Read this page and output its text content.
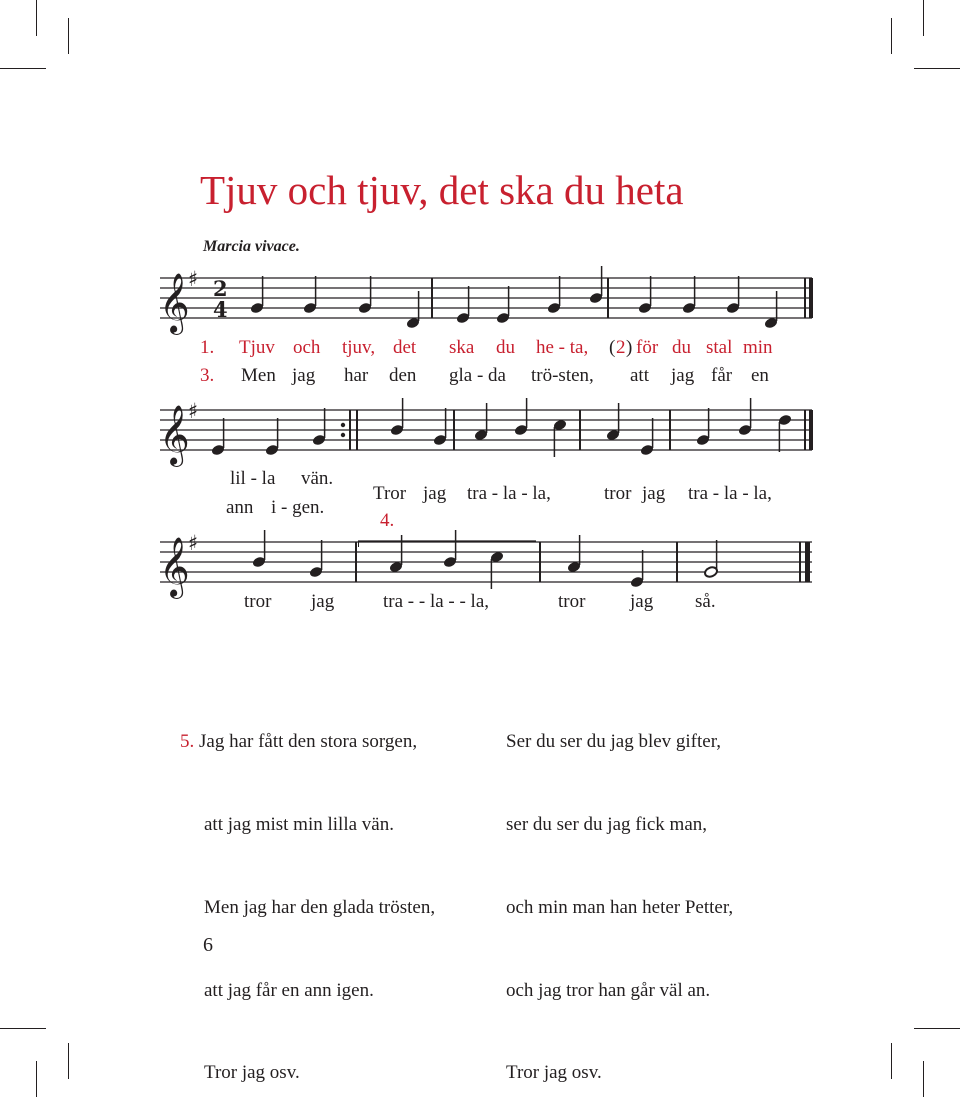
Tjuv och tjuv, det ska du heta
Marcia vivace.
𝄞
♯ 2
4
1. Tjuv och tjuv, det ska du he - ta, ( 2 ) för du stal min
3. Men jag har den gla - da trö-sten, att jag får en
𝄞
♯
lil - la vän.
ann i - gen.
Tror jag tra - la - la,	tror jag tra - la - la,
4.
𝄞
♯
tror jag	tra - - la - - la,	tror jag så.

5. Jag har fått den stora sorgen,

att jag mist min lilla vän.

Men jag har den glada trösten,

att jag får en ann igen.

Tror jag osv.

Ser du ser du jag blev gifter,

ser du ser du jag fick man,

och min man han heter Petter,

och jag tror han går väl an.

Tror jag osv.

6
